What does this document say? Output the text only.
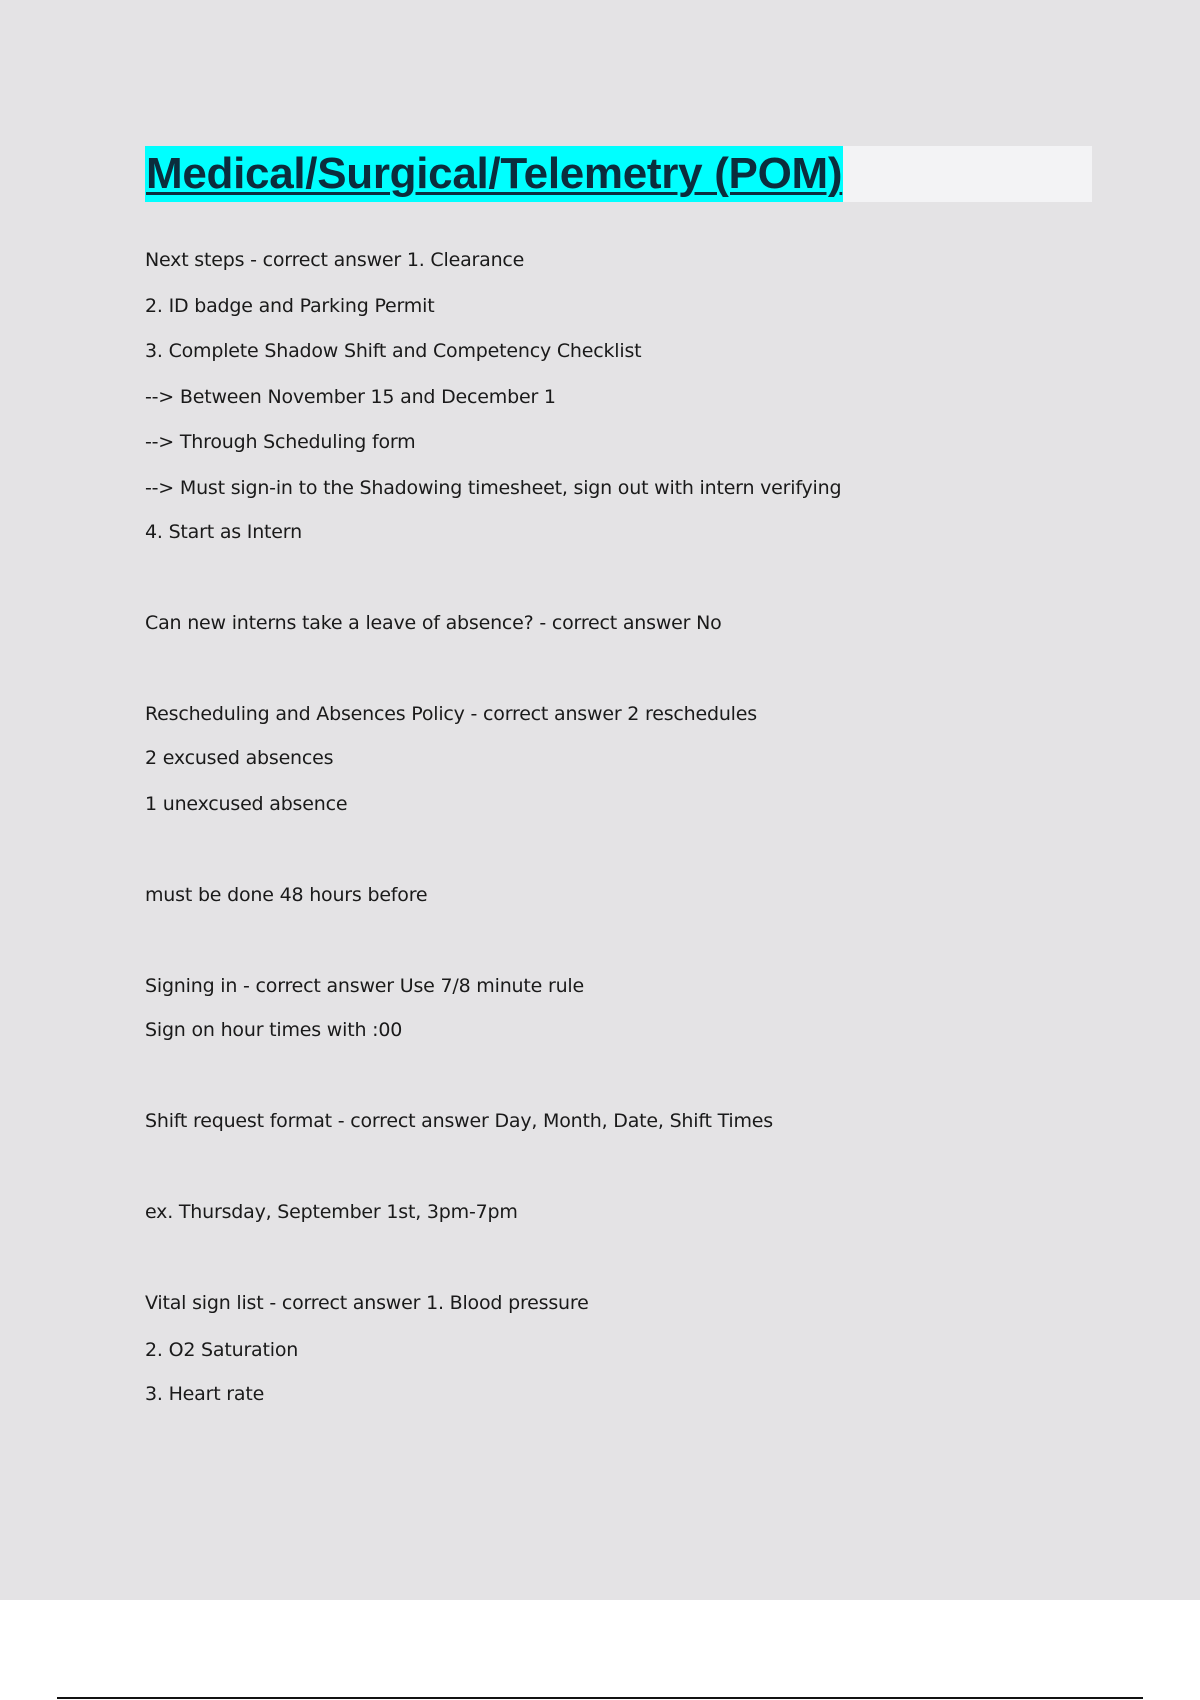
Medical/Surgical/Telemetry (POM)

Next steps - correct answer 1. Clearance

2. ID badge and Parking Permit

3. Complete Shadow Shift and Competency Checklist

--> Between November 15 and December 1

--> Through Scheduling form

--> Must sign-in to the Shadowing timesheet, sign out with intern verifying

4. Start as Intern

Can new interns take a leave of absence? - correct answer No

Rescheduling and Absences Policy - correct answer 2 reschedules

2 excused absences

1 unexcused absence

must be done 48 hours before

Signing in - correct answer Use 7/8 minute rule

Sign on hour times with :00

Shift request format - correct answer Day, Month, Date, Shift Times

ex. Thursday, September 1st, 3pm-7pm

Vital sign list - correct answer 1. Blood pressure

2. O2 Saturation

3. Heart rate
